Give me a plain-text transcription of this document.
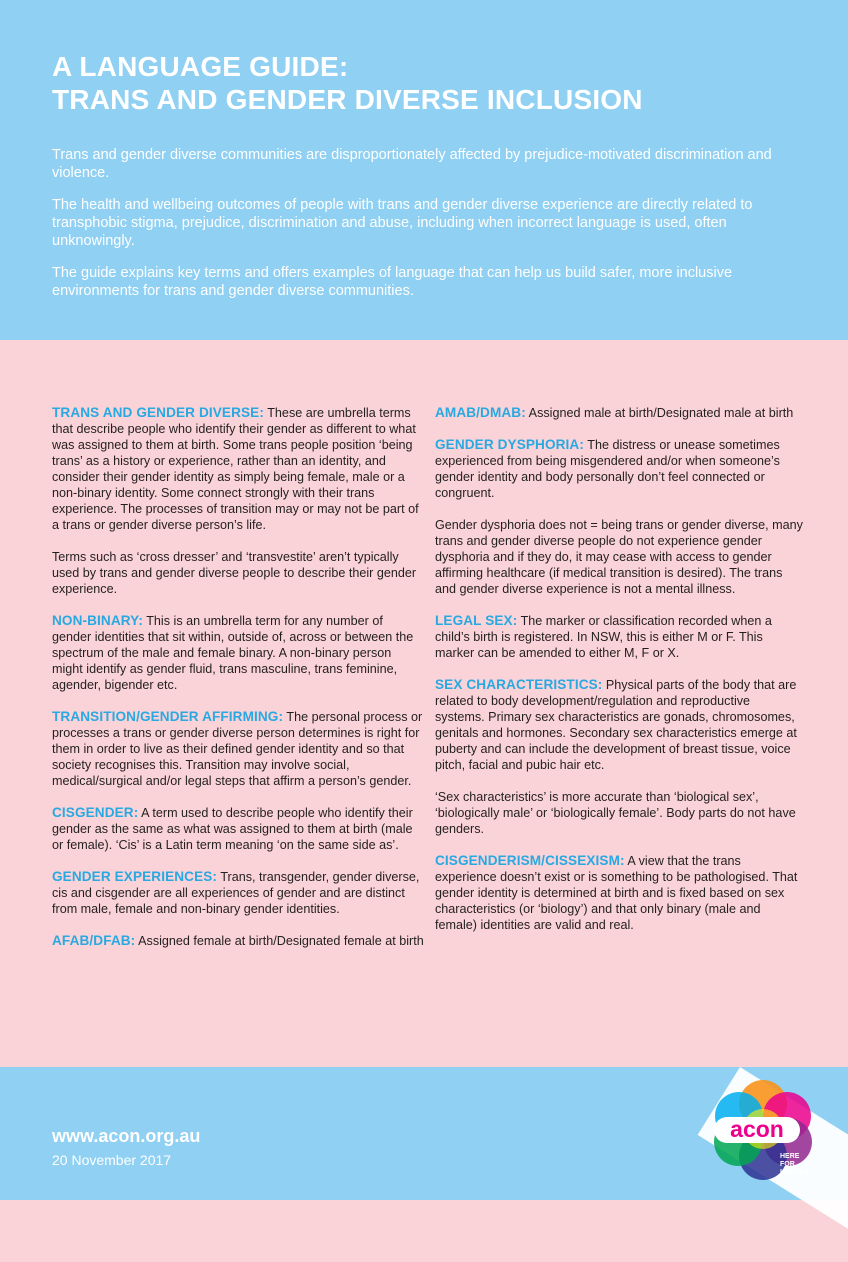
A LANGUAGE GUIDE:
TRANS AND GENDER DIVERSE INCLUSION

Trans and gender diverse communities are disproportionately affected by prejudice-motivated discrimination and violence.

The health and wellbeing outcomes of people with trans and gender diverse experience are directly related to transphobic stigma, prejudice, discrimination and abuse, including when incorrect language is used, often unknowingly.

The guide explains key terms and offers examples of language that can help us build safer, more inclusive environments for trans and gender diverse communities.

TRANS AND GENDER DIVERSE: These are umbrella terms that describe people who identify their gender as different to what was assigned to them at birth. Some trans people position ‘being trans’ as a history or experience, rather than an identity, and consider their gender identity as simply being female, male or a non-binary identity. Some connect strongly with their trans experience. The processes of transition may or may not be part of a trans or gender diverse person’s life.

Terms such as ‘cross dresser’ and ‘transvestite’ aren’t typically used by trans and gender diverse people to describe their gender experience.

NON-BINARY: This is an umbrella term for any number of gender identities that sit within, outside of, across or between the spectrum of the male and female binary. A non-binary person might identify as gender fluid, trans masculine, trans feminine, agender, bigender etc.

TRANSITION/GENDER AFFIRMING: The personal process or processes a trans or gender diverse person determines is right for them in order to live as their defined gender identity and so that society recognises this. Transition may involve social, medical/surgical and/or legal steps that affirm a person’s gender.

CISGENDER: A term used to describe people who identify their gender as the same as what was assigned to them at birth (male or female). ‘Cis’ is a Latin term meaning ‘on the same side as’.

GENDER EXPERIENCES: Trans, transgender, gender diverse, cis and cisgender are all experiences of gender and are distinct from male, female and non-binary gender identities.

AFAB/DFAB: Assigned female at birth/Designated female at birth

AMAB/DMAB: Assigned male at birth/Designated male at birth

GENDER DYSPHORIA: The distress or unease sometimes experienced from being misgendered and/or when someone’s gender identity and body personally don’t feel connected or congruent.

Gender dysphoria does not = being trans or gender diverse, many trans and gender diverse people do not experience gender dysphoria and if they do, it may cease with access to gender affirming healthcare (if medical transition is desired). The trans and gender diverse experience is not a mental illness.

LEGAL SEX: The marker or classification recorded when a child’s birth is registered. In NSW, this is either M or F. This marker can be amended to either M, F or X.

SEX CHARACTERISTICS: Physical parts of the body that are related to body development/regulation and reproductive systems. Primary sex characteristics are gonads, chromosomes, genitals and hormones. Secondary sex characteristics emerge at puberty and can include the development of breast tissue, voice pitch, facial and pubic hair etc.

‘Sex characteristics’ is more accurate than ‘biological sex’, ‘biologically male’ or ‘biologically female’. Body parts do not have genders.

CISGENDERISM/CISSEXISM: A view that the trans experience doesn’t exist or is something to be pathologised. That gender identity is determined at birth and is fixed based on sex characteristics (or ‘biology’) and that only binary (male and female) identities are valid and real.

www.acon.org.au
20 November 2017
acon
HERE
FOR
HEALTH
